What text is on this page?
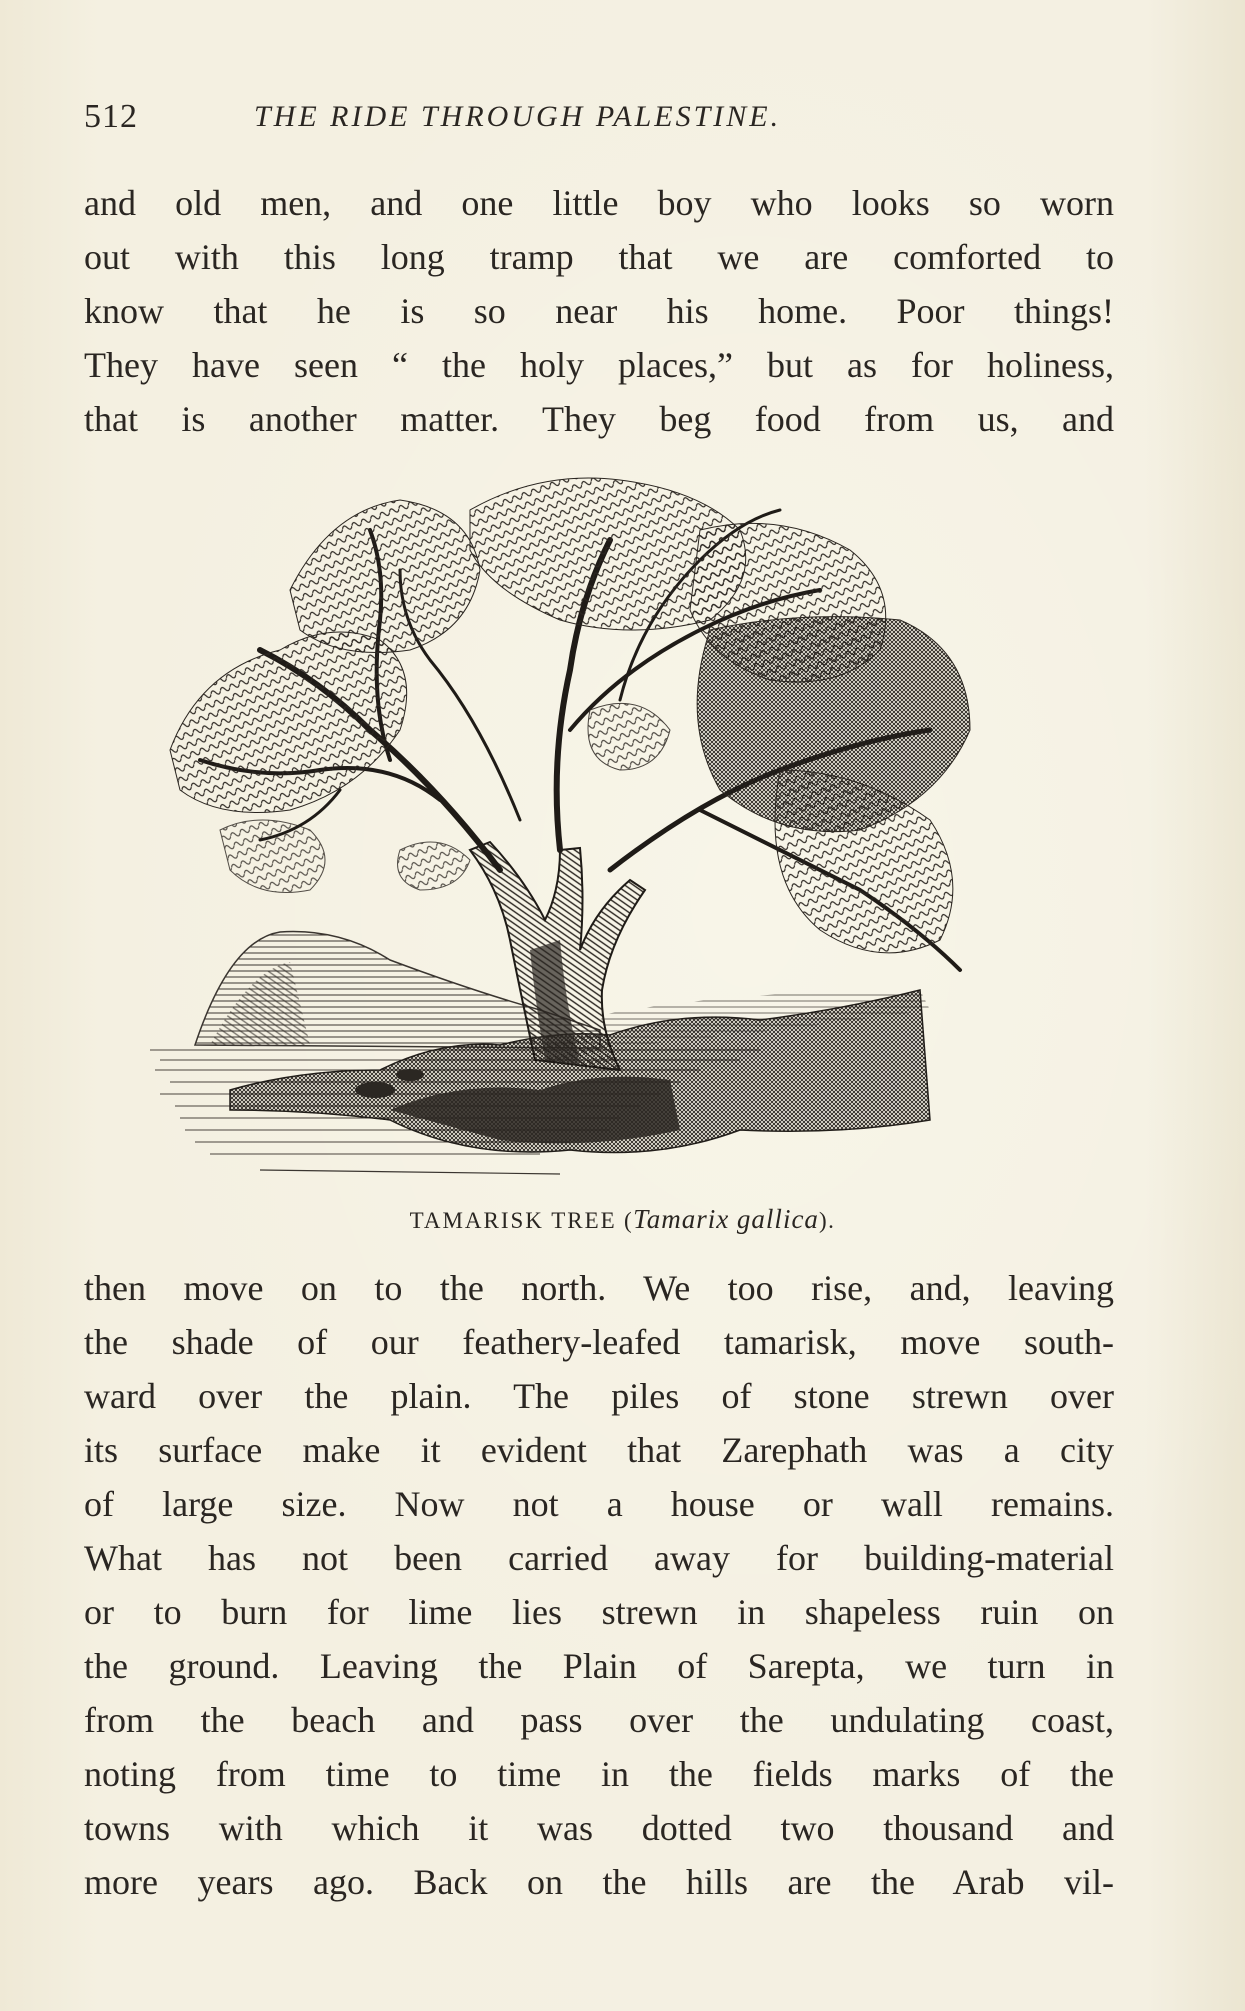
512	THE RIDE THROUGH PALESTINE.
and old men, and one little boy who looks so worn
out with this long tramp that we are comforted to
know that he is so near his home. Poor things!
They have seen “ the holy places,” but as for holiness,
that is another matter. They beg food from us, and
TAMARISK TREE (Tamarix gallica).
then move on to the north. We too rise, and, leaving
the shade of our feathery-leafed tamarisk, move south-
ward over the plain. The piles of stone strewn over
its surface make it evident that Zarephath was a city
of large size. Now not a house or wall remains.
What has not been carried away for building-material
or to burn for lime lies strewn in shapeless ruin on
the ground. Leaving the Plain of Sarepta, we turn in
from the beach and pass over the undulating coast,
noting from time to time in the fields marks of the
towns with which it was dotted two thousand and
more years ago. Back on the hills are the Arab vil-
